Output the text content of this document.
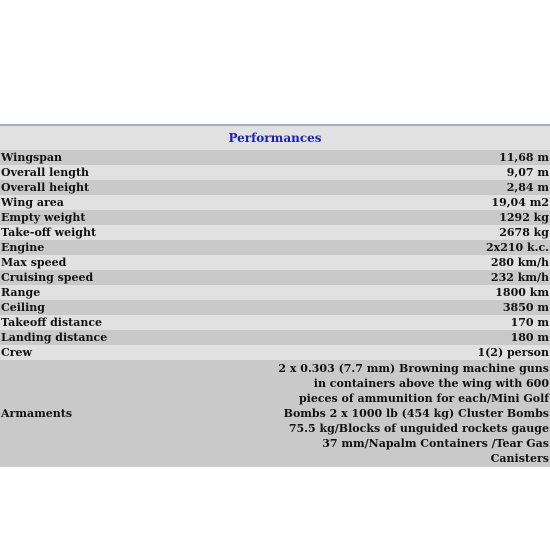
Performances	
Wingspan	11,68 m
Overall length	9,07 m
Overall height	2,84 m
Wing area	19,04 m2
Empty weight	1292 kg
Take-off weight	2678 kg
Engine	2x210 k.c.
Max speed	280 km/h
Cruising speed	232 km/h
Range	1800 km
Ceiling	3850 m
Takeoff distance	170 m
Landing distance	180 m
Crew	1(2) person
Armaments	2 x 0.303 (7.7 mm) Browning machine guns in containers above the wing with 600 pieces of ammunition for each/Mini Golf Bombs 2 x 1000 lb (454 kg) Cluster Bombs 75.5 kg/Blocks of unguided rockets gauge 37 mm/Napalm Containers /Tear Gas Canisters
